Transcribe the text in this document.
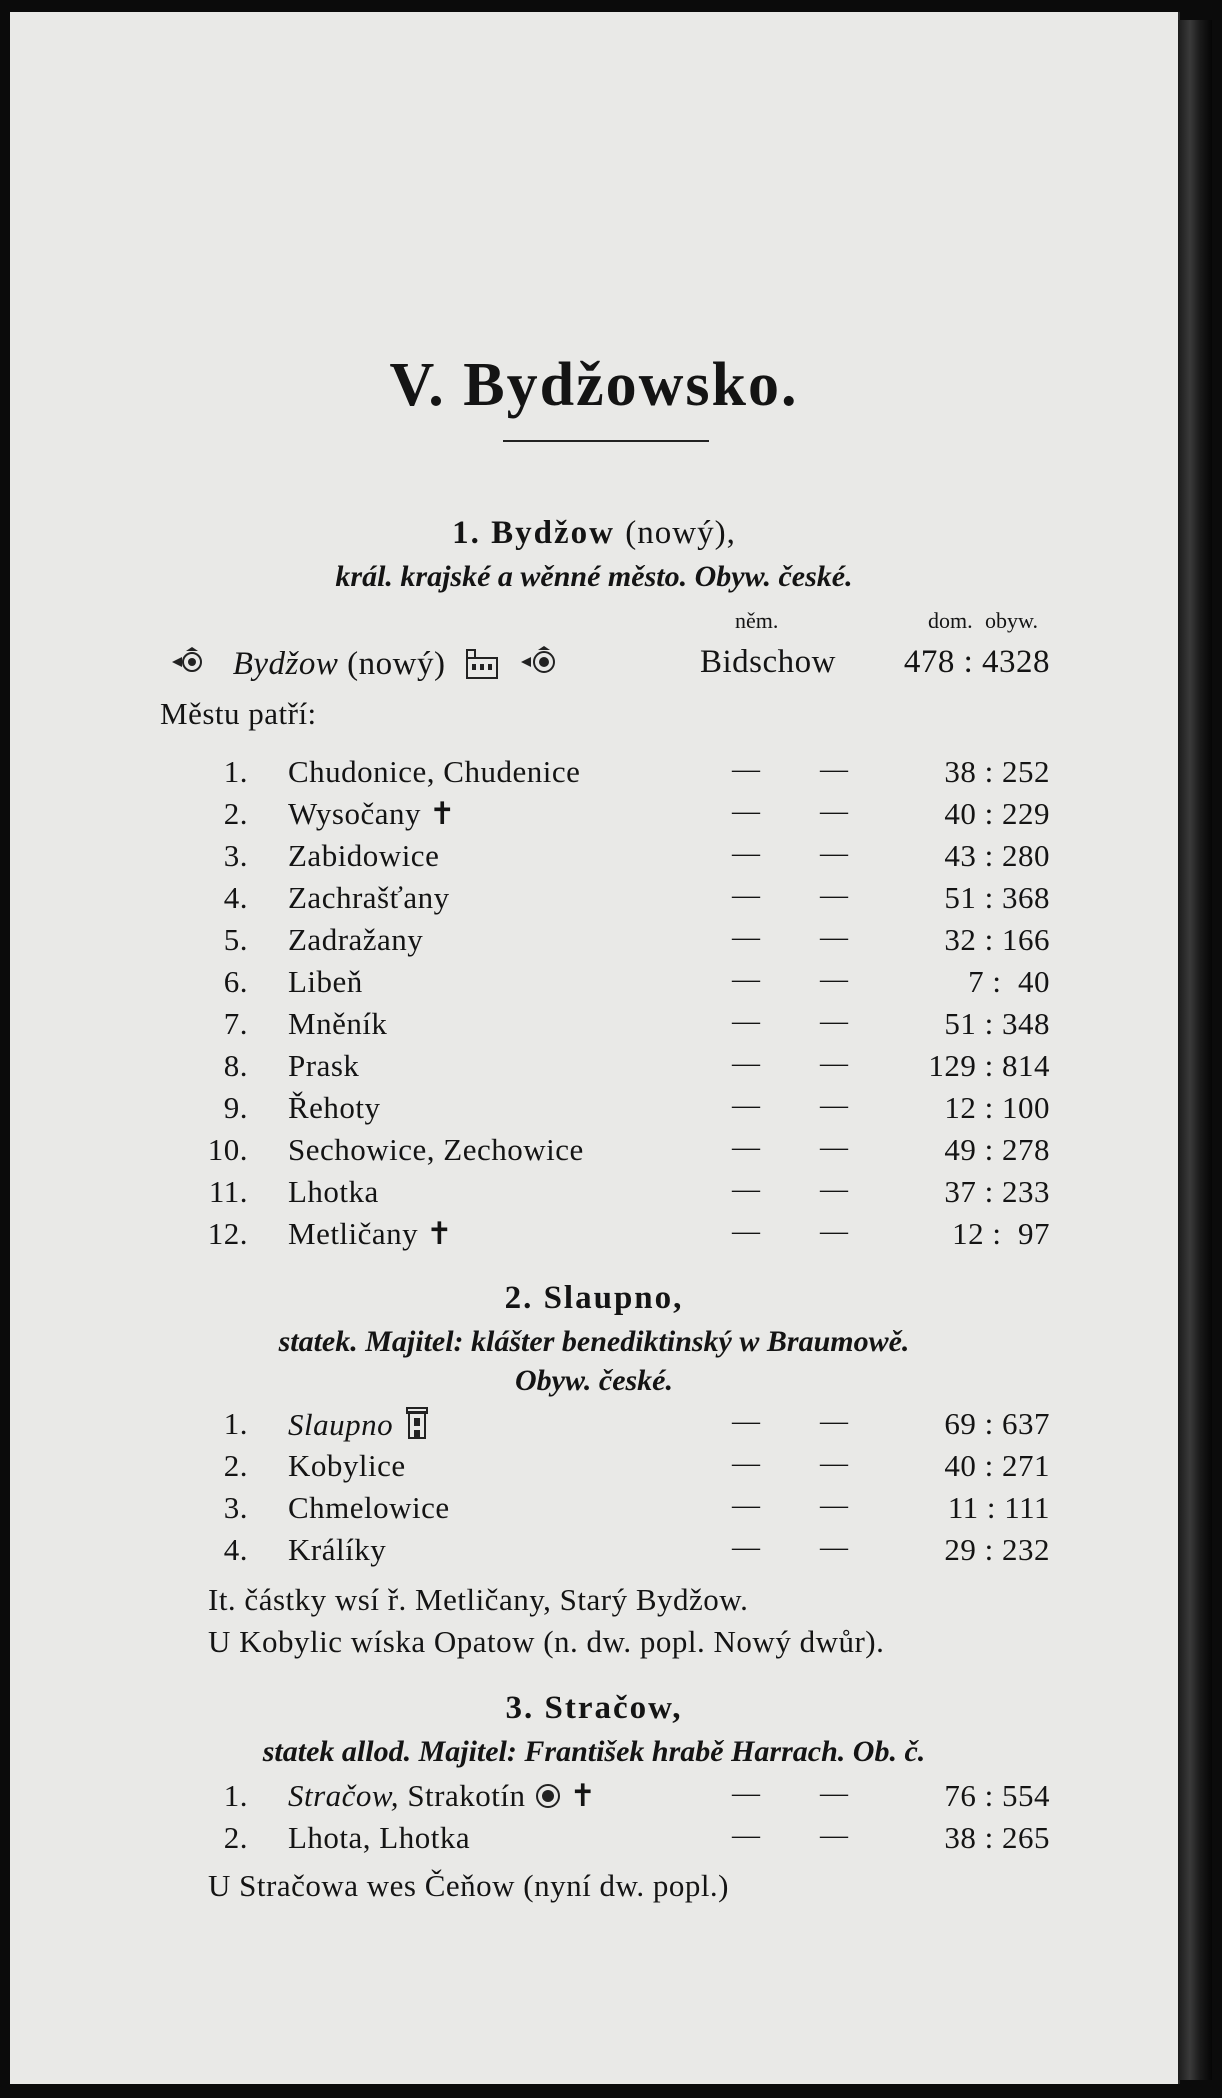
V. Bydžowsko.
1. Bydžow (nowý),
král. krajské a wěnné město. Obyw. české.
něm.	dom. obyw.
Bydžow (nowý)	Bidschow	478 : 4328
Městu patří:
1. Chudonice, Chudenice	— —	38 : 252
2. Wysočany ✝	— —	40 : 229
3. Zabidowice	— —	43 : 280
4. Zachrašťany	— —	51 : 368
5. Zadražany	— —	32 : 166
6. Libeň	— —	7 :  40
7. Mněník	— —	51 : 348
8. Prask	— —	129 : 814
9. Řehoty	— —	12 : 100
10. Sechowice, Zechowice	— —	49 : 278
11. Lhotka	— —	37 : 233
12. Metličany ✝	— —	12 :  97
2. Slaupno,
statek. Majitel: klášter benediktinský w Braumowě.
Obyw. české.
1. Slaupno	— —	69 : 637
2. Kobylice	— —	40 : 271
3. Chmelowice	— —	11 : 111
4. Králíky	— —	29 : 232
It. částky wsí ř. Metličany, Starý Bydžow.
U Kobylic wíska Opatow (n. dw. popl. Nowý dwůr).
3. Stračow,
statek allod. Majitel: František hrabě Harrach. Ob. č.
1. Stračow, Strakotín ✝	— —	76 : 554
2. Lhota, Lhotka	— —	38 : 265
U Stračowa wes Čeňow (nyní dw. popl.)
